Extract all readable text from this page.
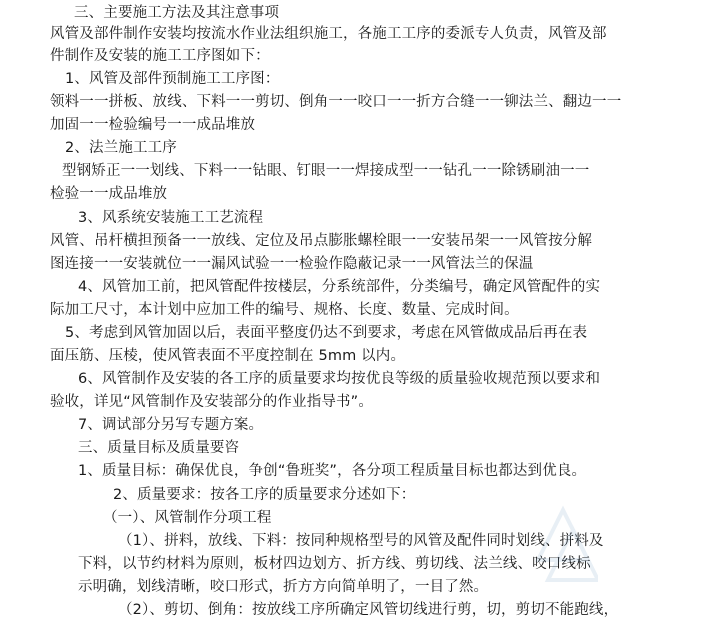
三、主要施工方法及其注意事项
风管及部件制作安装均按流水作业法组织施工，各施工工序的委派专人负责，风管及部
件制作及安装的施工工序图如下：
1、风管及部件预制施工工序图：
领料一一拼板、放线、下料一一剪切、倒角一一咬口一一折方合缝一一铆法兰、翻边一一
加固一一检验编号一一成品堆放
2、法兰施工工序
型钢矫正一一划线、下料一一钻眼、钉眼一一焊接成型一一钻孔一一除锈刷油一一
检验一一成品堆放
3、风系统安装施工工艺流程
风管、吊杆横担预备一一放线、定位及吊点膨胀螺栓眼一一安装吊架一一风管按分解
图连接一一安装就位一一漏风试验一一检验作隐蔽记录一一风管法兰的保温
4、风管加工前，把风管配件按楼层，分系统部件，分类编号，确定风管配件的实
际加工尺寸，本计划中应加工件的编号、规格、长度、数量、完成时间。
5、考虑到风管加固以后，表面平整度仍达不到要求，考虑在风管做成品后再在表
面压筋、压棱，使风管表面不平度控制在 5mm 以内。
6、风管制作及安装的各工序的质量要求均按优良等级的质量验收规范预以要求和
验收，详见“风管制作及安装部分的作业指导书”。
7、调试部分另写专题方案。
三、质量目标及质量要咨
1、质量目标：确保优良，争创“鲁班奖”，各分项工程质量目标也都达到优良。
2、质量要求：按各工序的质量要求分述如下：
（一）、风管制作分项工程
（1）、拼料，放线、下料：按同种规格型号的风管及配件同时划线、拼料及
下料，以节约材料为原则，板材四边划方、折方线、剪切线、法兰线、咬口线标
示明确，划线清晰，咬口形式，折方方向简单明了，一目了然。
（2）、剪切、倒角：按放线工序所确定风管切线进行剪，切，剪切不能跑线，
